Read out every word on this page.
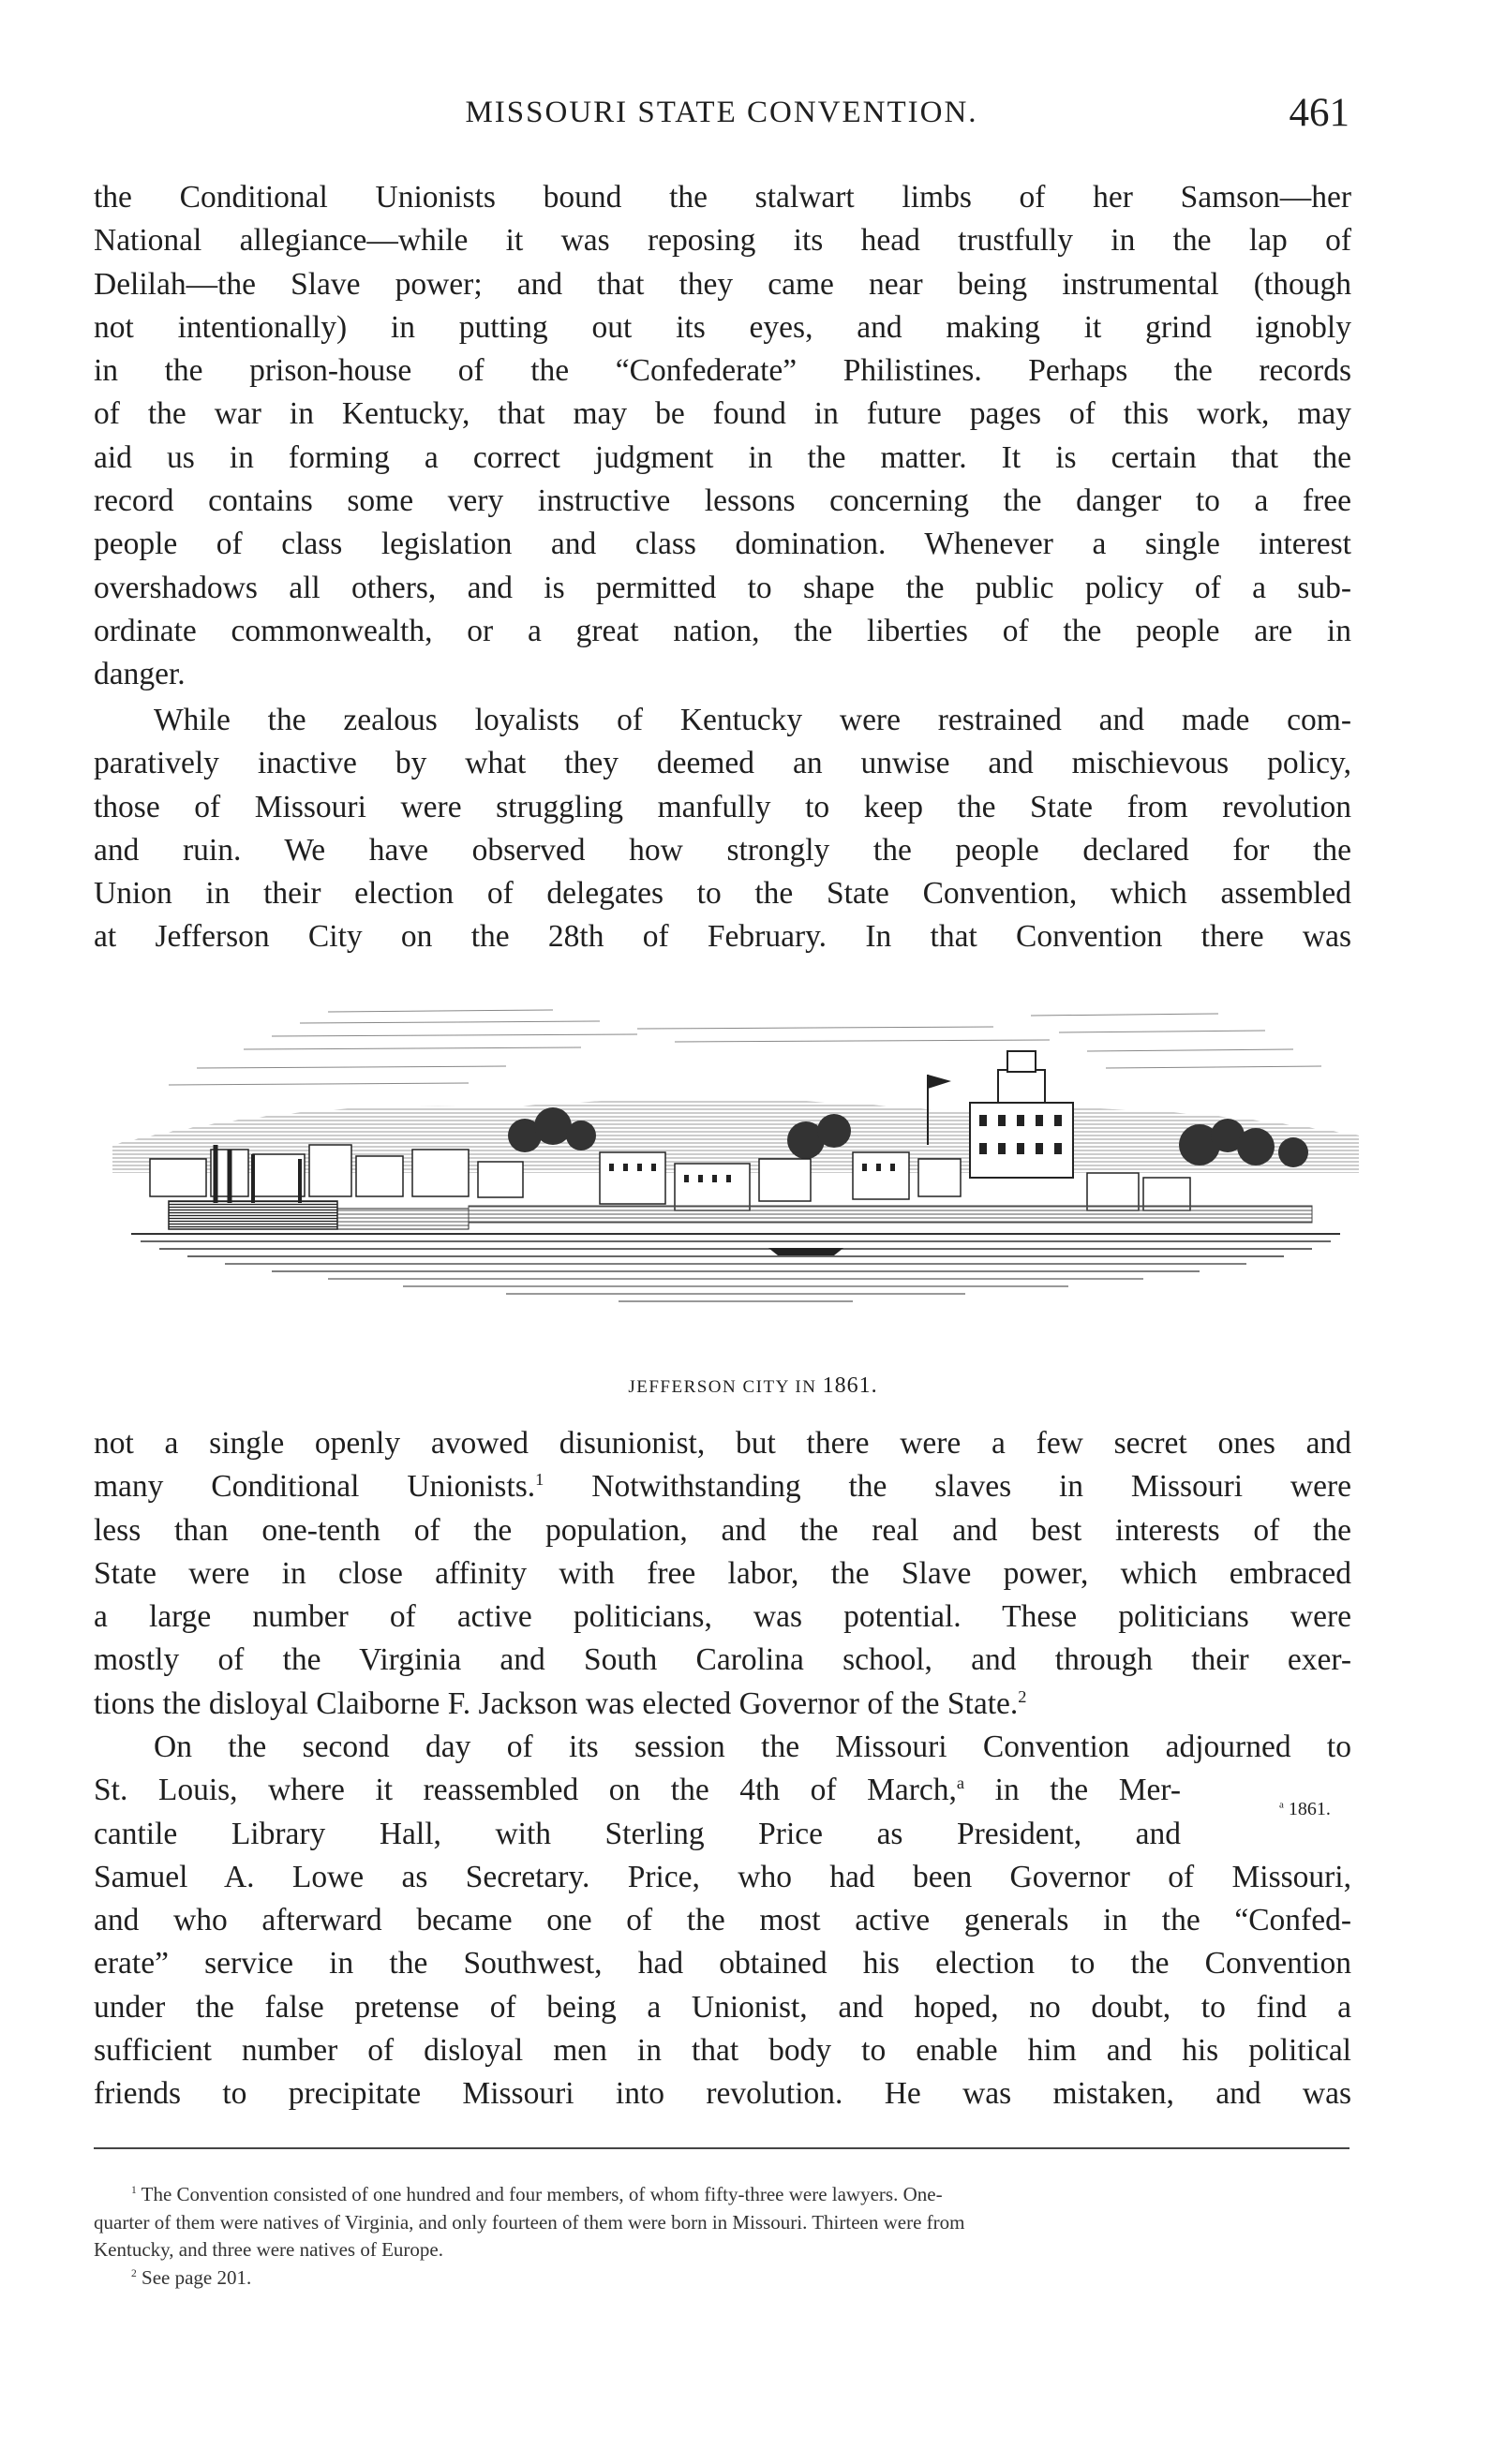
MISSOURI STATE CONVENTION.	461
the Conditional Unionists bound the stalwart limbs of her Samson—her
National allegiance—while it was reposing its head trustfully in the lap of
Delilah—the Slave power; and that they came near being instrumental (though
not intentionally) in putting out its eyes, and making it grind ignobly
in the prison-house of the “Confederate” Philistines. Perhaps the records
of the war in Kentucky, that may be found in future pages of this work, may
aid us in forming a correct judgment in the matter. It is certain that the
record contains some very instructive lessons concerning the danger to a free
people of class legislation and class domination. Whenever a single interest
overshadows all others, and is permitted to shape the public policy of a sub-
ordinate commonwealth, or a great nation, the liberties of the people are in
danger.
While the zealous loyalists of Kentucky were restrained and made com-
paratively inactive by what they deemed an unwise and mischievous policy,
those of Missouri were struggling manfully to keep the State from revolution
and ruin. We have observed how strongly the people declared for the
Union in their election of delegates to the State Convention, which assembled
at Jefferson City on the 28th of February. In that Convention there was
JEFFERSON CITY IN 1861.
not a single openly avowed disunionist, but there were a few secret ones and
many Conditional Unionists.$^1$ Notwithstanding the slaves in Missouri were
less than one-tenth of the population, and the real and best interests of the
State were in close affinity with free labor, the Slave power, which embraced
a large number of active politicians, was potential. These politicians were
mostly of the Virginia and South Carolina school, and through their exer-
tions the disloyal Claiborne F. Jackson was elected Governor of the State.$^2$
On the second day of its session the Missouri Convention adjourned to
St. Louis, where it reassembled on the 4th of March,$^a$ in the Mer-
cantile Library Hall, with Sterling Price as President, and
Samuel A. Lowe as Secretary. Price, who had been Governor of Missouri,
and who afterward became one of the most active generals in the “Confed-
erate” service in the Southwest, had obtained his election to the Convention
under the false pretense of being a Unionist, and hoped, no doubt, to find a
sufficient number of disloyal men in that body to enable him and his political
friends to precipitate Missouri into revolution. He was mistaken, and was
$^a$ 1861.
$^1$ The Convention consisted of one hundred and four members, of whom fifty-three were lawyers. One-
quarter of them were natives of Virginia, and only fourteen of them were born in Missouri. Thirteen were from
Kentucky, and three were natives of Europe.
$^2$ See page 201.
